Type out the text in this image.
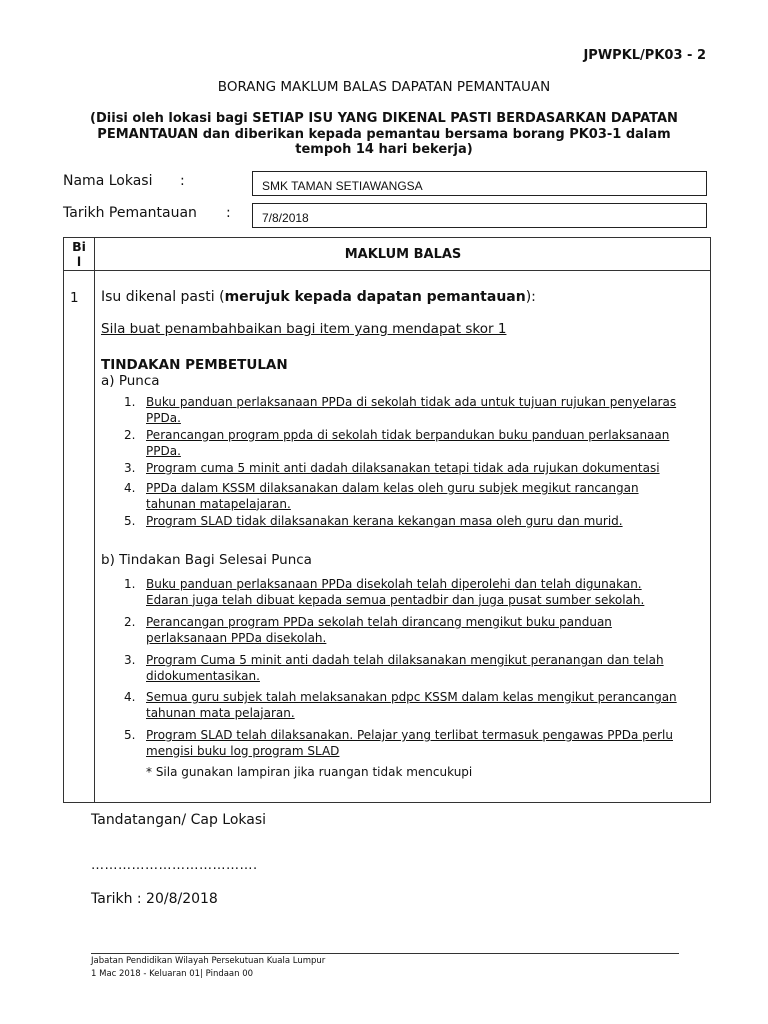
JPWPKL/PK03 - 2
BORANG MAKLUM BALAS DAPATAN PEMANTAUAN
(Diisi oleh lokasi bagi SETIAP ISU YANG DIKENAL PASTI BERDASARKAN DAPATAN
PEMANTAUAN dan diberikan kepada pemantau bersama borang PK03-1 dalam
tempoh 14 hari bekerja)
Nama Lokasi :	SMK TAMAN SETIAWANGSA
Tarikh Pemantauan :	7/8/2018
Bi
l	MAKLUM BALAS
1 Isu dikenal pasti (merujuk kepada dapatan pemantauan):
Sila buat penambahbaikan bagi item yang mendapat skor 1
TINDAKAN PEMBETULAN
a) Punca
1. Buku panduan perlaksanaan PPDa di sekolah tidak ada untuk tujuan rujukan penyelaras
PPDa.
2. Perancangan program ppda di sekolah tidak berpandukan buku panduan perlaksanaan
PPDa.
3. Program cuma 5 minit anti dadah dilaksanakan tetapi tidak ada rujukan dokumentasi
4. PPDa dalam KSSM dilaksanakan dalam kelas oleh guru subjek megikut rancangan
tahunan matapelajaran.
5. Program SLAD tidak dilaksanakan kerana kekangan masa oleh guru dan murid.
b) Tindakan Bagi Selesai Punca
1. Buku panduan perlaksanaan PPDa disekolah telah diperolehi dan telah digunakan.
Edaran juga telah dibuat kepada semua pentadbir dan juga pusat sumber sekolah.
2. Perancangan program PPDa sekolah telah dirancang mengikut buku panduan
perlaksanaan PPDa disekolah.
3. Program Cuma 5 minit anti dadah telah dilaksanakan mengikut peranangan dan telah
didokumentasikan.
4. Semua guru subjek talah melaksanakan pdpc KSSM dalam kelas mengikut perancangan
tahunan mata pelajaran.
5. Program SLAD telah dilaksanakan. Pelajar yang terlibat termasuk pengawas PPDa perlu
mengisi buku log program SLAD
* Sila gunakan lampiran jika ruangan tidak mencukupi
Tandatangan/ Cap Lokasi
……………………………….
Tarikh : 20/8/2018
Jabatan Pendidikan Wilayah Persekutuan Kuala Lumpur
1 Mac 2018 - Keluaran 01| Pindaan 00
